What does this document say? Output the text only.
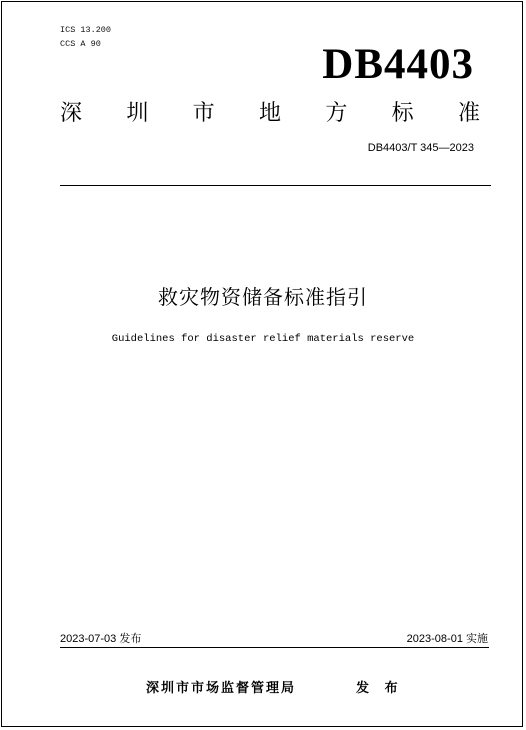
ICS 13.200
CCS A 90	DB4403
深 圳 市 地 方 标 准
DB4403/T 345—2023
救灾物资储备标准指引
Guidelines for disaster relief materials reserve
2023-07-03 发布	2023-08-01 实施
深圳市市场监督管理局	发 布
